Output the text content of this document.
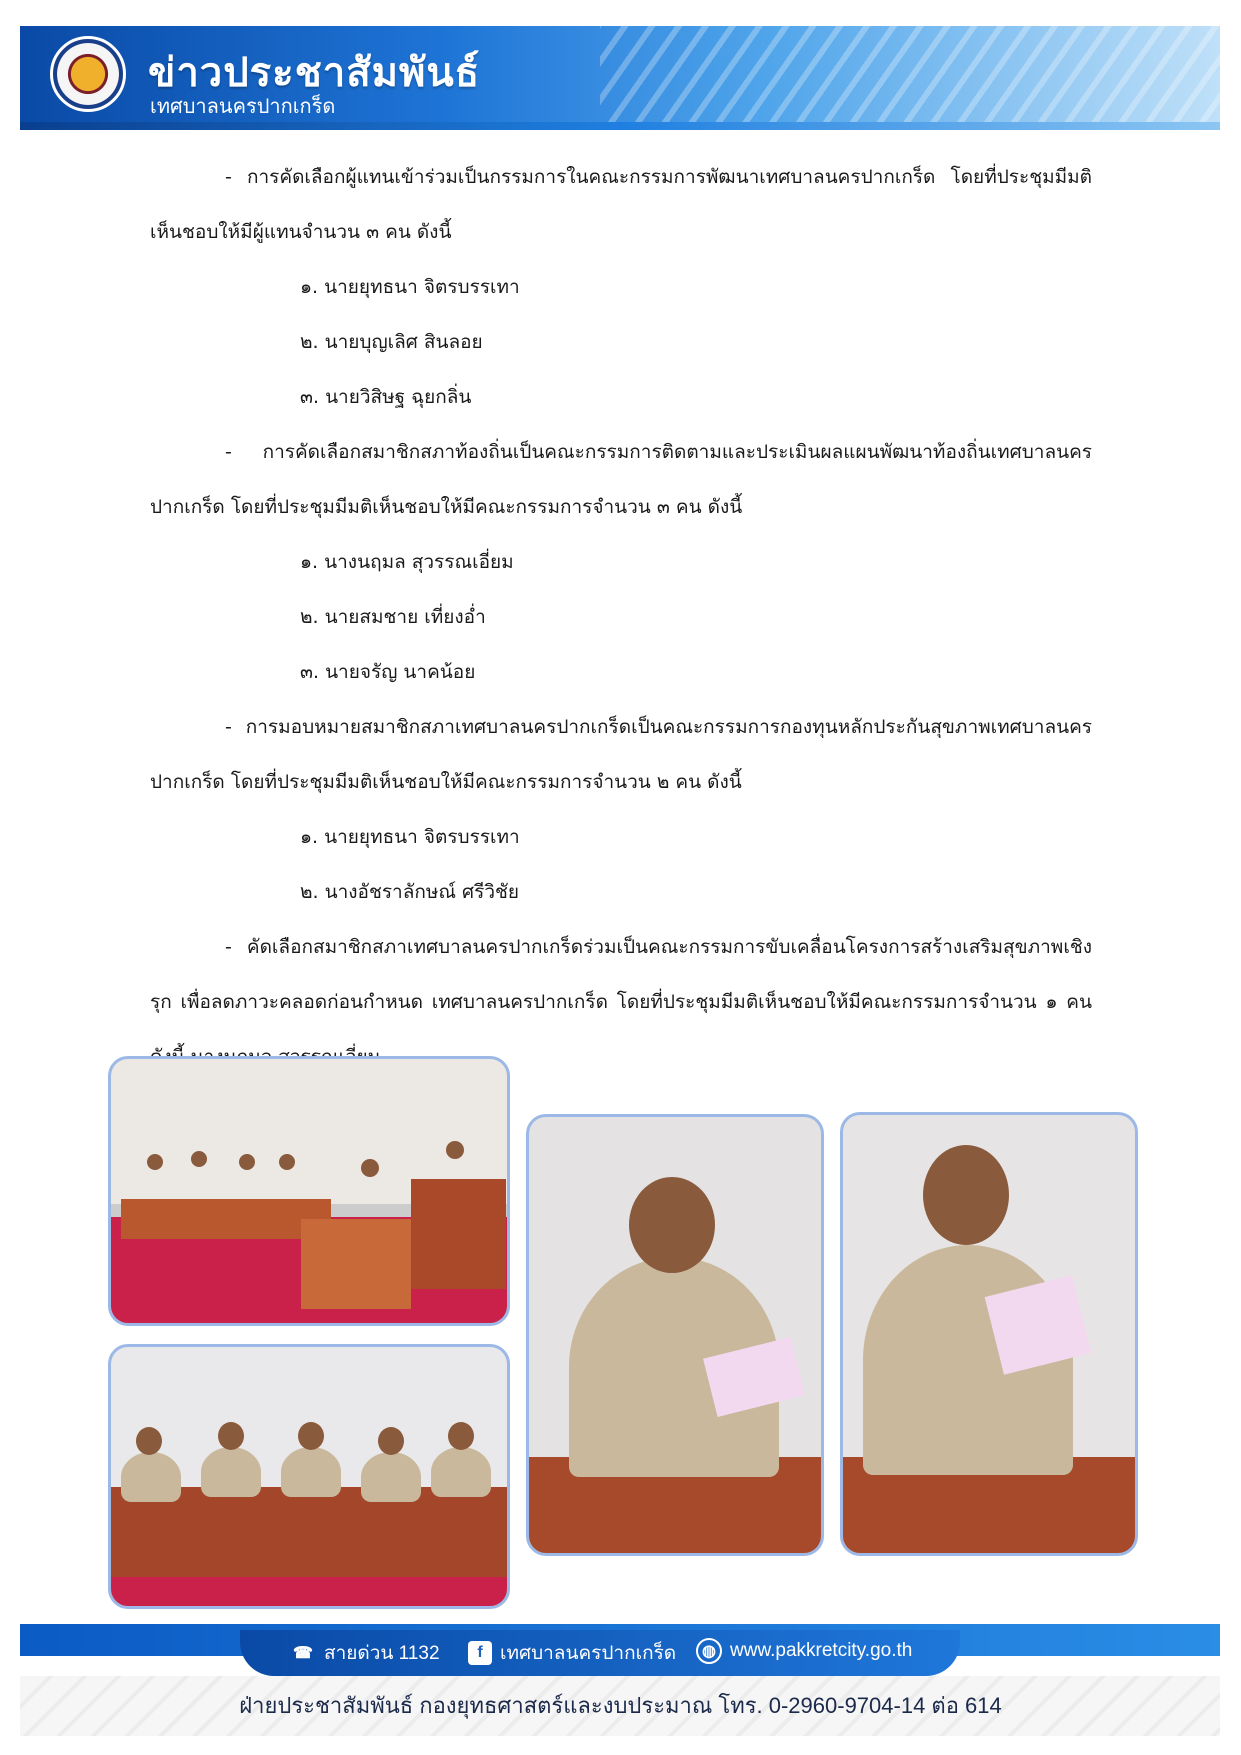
ข่าวประชาสัมพันธ์
เทศบาลนครปากเกร็ด

- การคัดเลือกผู้แทนเข้าร่วมเป็นกรรมการในคณะกรรมการพัฒนาเทศบาลนครปากเกร็ด โดยที่ประชุมมีมติเห็นชอบให้มีผู้แทนจำนวน ๓ คน ดังนี้

๑. นายยุทธนา จิตรบรรเทา

๒. นายบุญเลิศ สินลอย

๓. นายวิสิษฐ ฉุยกลิ่น

- การคัดเลือกสมาชิกสภาท้องถิ่นเป็นคณะกรรมการติดตามและประเมินผลแผนพัฒนาท้องถิ่นเทศบาลนครปากเกร็ด โดยที่ประชุมมีมติเห็นชอบให้มีคณะกรรมการจำนวน ๓ คน ดังนี้

๑. นางนฤมล สุวรรณเอี่ยม

๒. นายสมชาย เที่ยงอ่ำ

๓. นายจรัญ นาคน้อย

- การมอบหมายสมาชิกสภาเทศบาลนครปากเกร็ดเป็นคณะกรรมการกองทุนหลักประกันสุขภาพเทศบาลนครปากเกร็ด โดยที่ประชุมมีมติเห็นชอบให้มีคณะกรรมการจำนวน ๒ คน ดังนี้

๑. นายยุทธนา จิตรบรรเทา

๒. นางอัชราลักษณ์ ศรีวิชัย

- คัดเลือกสมาชิกสภาเทศบาลนครปากเกร็ดร่วมเป็นคณะกรรมการขับเคลื่อนโครงการสร้างเสริมสุขภาพเชิงรุก เพื่อลดภาวะคลอดก่อนกำหนด เทศบาลนครปากเกร็ด โดยที่ประชุมมีมติเห็นชอบให้มีคณะกรรมการจำนวน ๑ คน

☎ สายด่วน 1132	f เทศบาลนครปากเกร็ด	◍ www.pakkretcity.go.th
ฝ่ายประชาสัมพันธ์ กองยุทธศาสตร์และงบประมาณ โทร. 0-2960-9704-14 ต่อ 614
